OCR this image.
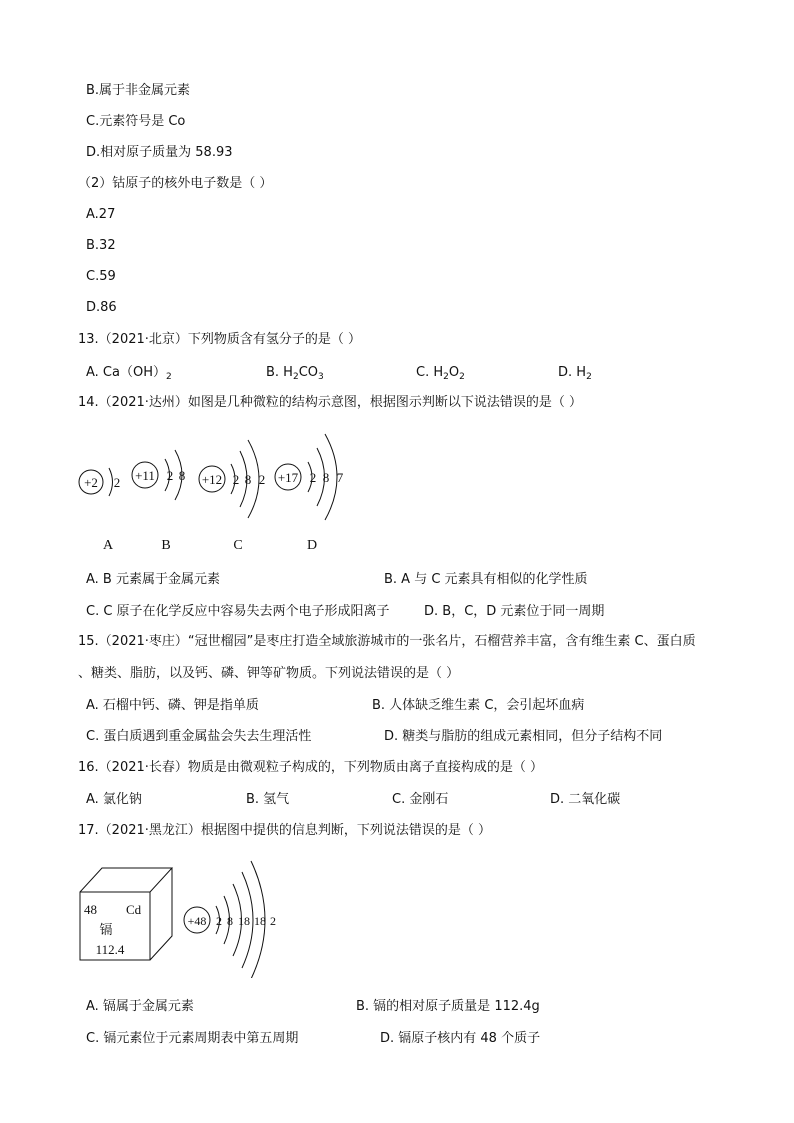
B.属于非金属元素
C.元素符号是 Co
D.相对原子质量为 58.93
（2）钴原子的核外电子数是（ ）
A.27
B.32
C.59
D.86
13.（2021·北京）下列物质含有氢分子的是（ ）
A. $Ca(OH)_2$	B. $H_2CO_3$	C. $H_2O_2$	D. $H_2$
14.（2021·达州）如图是几种微粒的结构示意图，根据图示判断以下说法错误的是（ ）
+2 2 +11 2 8 +12 2 8 2 +17 2 8 7
A	B	C	D
A. B 元素属于金属元素	B. A 与 C 元素具有相似的化学性质
C. C 原子在化学反应中容易失去两个电子形成阳离子	D. B，C，D 元素位于同一周期
15.（2021·枣庄）“冠世榴园”是枣庄打造全域旅游城市的一张名片，石榴营养丰富，含有维生素 C、蛋白质
、糖类、脂肪，以及钙、磷、钾等矿物质。下列说法错误的是（ ）
A. 石榴中钙、磷、钾是指单质	B. 人体缺乏维生素 C，会引起坏血病
C. 蛋白质遇到重金属盐会失去生理活性	D. 糖类与脂肪的组成元素相同，但分子结构不同
16.（2021·长春）物质是由微观粒子构成的，下列物质由离子直接构成的是（ ）
A. 氯化钠	B. 氢气	C. 金刚石	D. 二氧化碳
17.（2021·黑龙江）根据图中提供的信息判断，下列说法错误的是（ ）
48 Cd
镉
112.4
+48 2 8 18 18 2
A. 镉属于金属元素	B. 镉的相对原子质量是 112.4g
C. 镉元素位于元素周期表中第五周期	D. 镉原子核内有 48 个质子
